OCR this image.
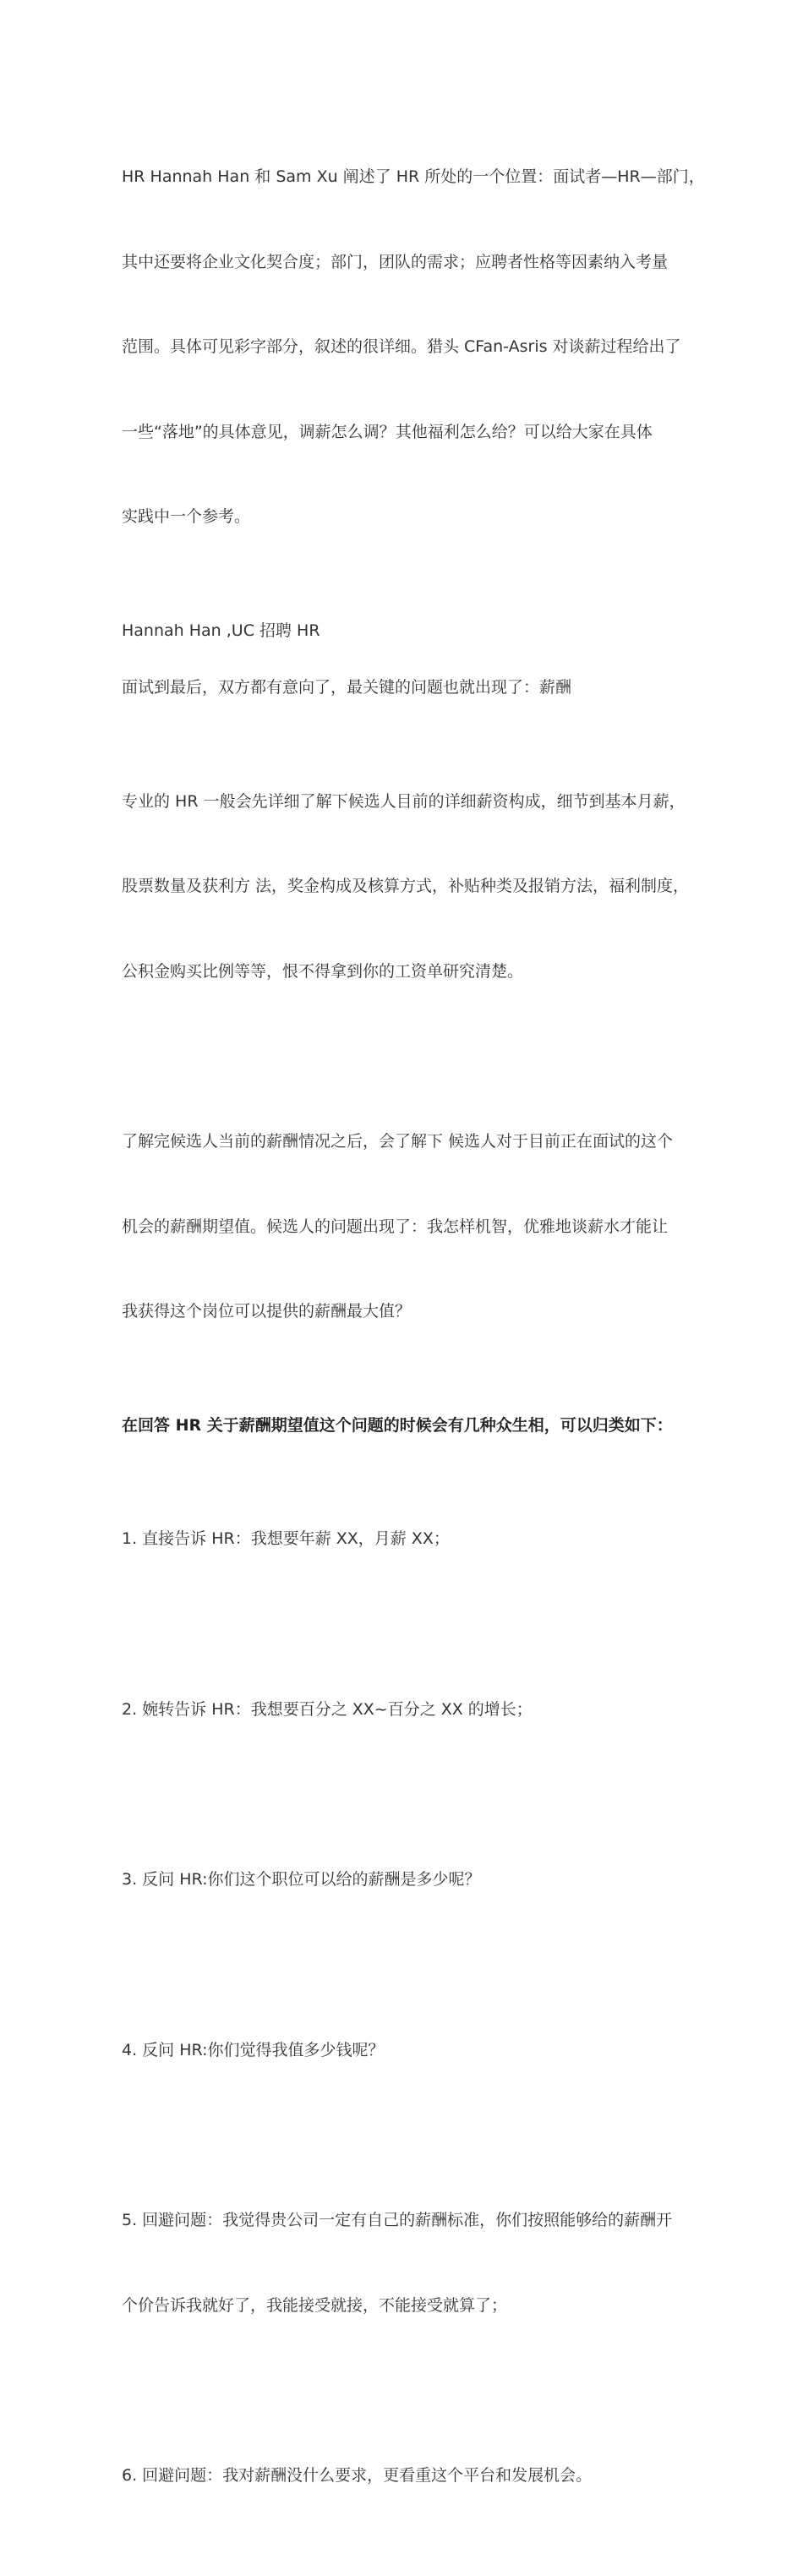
HR Hannah Han 和 Sam Xu 阐述了 HR 所处的一个位置：面试者—HR—部门，

其中还要将企业文化契合度；部门，团队的需求；应聘者性格等因素纳入考量

范围。具体可见彩字部分，叙述的很详细。猎头 CFan-Asris 对谈薪过程给出了

一些“落地”的具体意见，调薪怎么调？其他福利怎么给？可以给大家在具体

实践中一个参考。

Hannah Han ,UC 招聘 HR

面试到最后，双方都有意向了，最关键的问题也就出现了：薪酬

专业的 HR 一般会先详细了解下候选人目前的详细薪资构成，细节到基本月薪，

股票数量及获利方 法，奖金构成及核算方式，补贴种类及报销方法，福利制度，

公积金购买比例等等，恨不得拿到你的工资单研究清楚。

了解完候选人当前的薪酬情况之后，会了解下 候选人对于目前正在面试的这个

机会的薪酬期望值。候选人的问题出现了：我怎样机智，优雅地谈薪水才能让

我获得这个岗位可以提供的薪酬最大值？

在回答 HR 关于薪酬期望值这个问题的时候会有几种众生相，可以归类如下：

1. 直接告诉 HR：我想要年薪 XX，月薪 XX；

2. 婉转告诉 HR：我想要百分之 XX~百分之 XX 的增长；

3. 反问 HR:你们这个职位可以给的薪酬是多少呢？

4. 反问 HR:你们觉得我值多少钱呢？

5. 回避问题：我觉得贵公司一定有自己的薪酬标准，你们按照能够给的薪酬开

个价告诉我就好了，我能接受就接，不能接受就算了；

6. 回避问题：我对薪酬没什么要求，更看重这个平台和发展机会。
